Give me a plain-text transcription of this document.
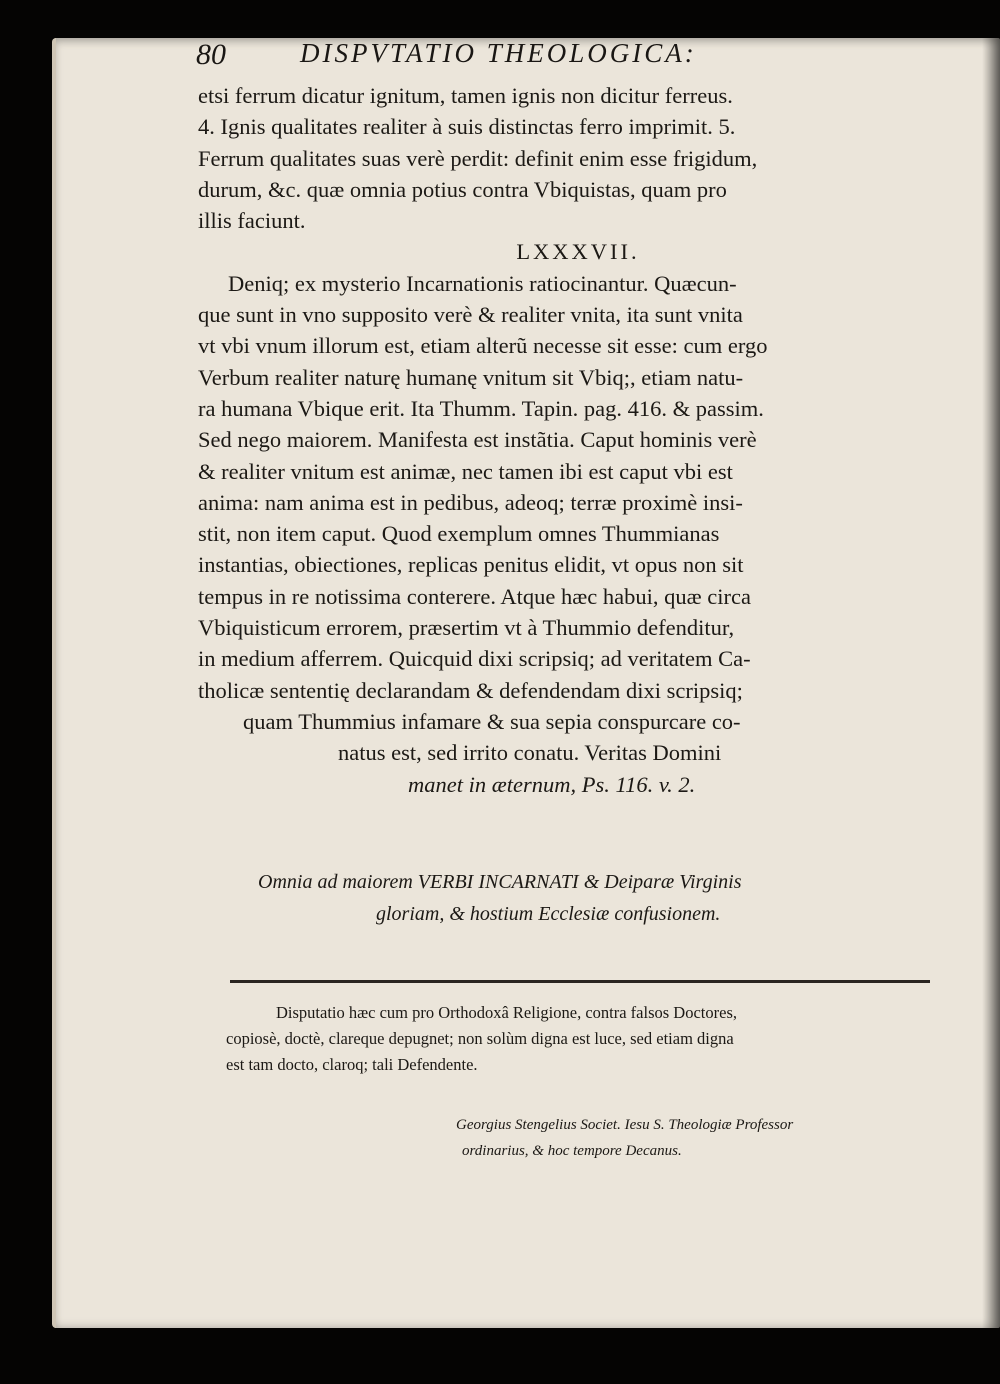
80	DISPVTATIO THEOLOGICA:
etsi ferrum dicatur ignitum, tamen ignis non dicitur ferreus.
4. Ignis qualitates realiter à suis distinctas ferro imprimit. 5.
Ferrum qualitates suas verè perdit: definit enim esse frigidum,
durum, &c. quæ omnia potius contra Vbiquistas, quam pro
illis faciunt.
LXXXVII.
Deniq; ex mysterio Incarnationis ratiocinantur. Quæcun-
que sunt in vno supposito verè & realiter vnita, ita sunt vnita
vt vbi vnum illorum est, etiam alterũ necesse sit esse: cum ergo
Verbum realiter naturę humanę vnitum sit Vbiq;, etiam natu-
ra humana Vbique erit. Ita Thumm. Tapin. pag. 416. & passim.
Sed nego maiorem. Manifesta est instãtia. Caput hominis verè
& realiter vnitum est animæ, nec tamen ibi est caput vbi est
anima: nam anima est in pedibus, adeoq; terræ proximè insi-
stit, non item caput. Quod exemplum omnes Thummianas
instantias, obiectiones, replicas penitus elidit, vt opus non sit
tempus in re notissima conterere. Atque hæc habui, quæ circa
Vbiquisticum errorem, præsertim vt à Thummio defenditur,
in medium afferrem. Quicquid dixi scripsiq; ad veritatem Ca-
tholicæ sententię declarandam & defendendam dixi scripsiq;
quam Thummius infamare & sua sepia conspurcare co-
natus est, sed irrito conatu. Veritas Domini
manet in æternum, Ps. 116. v. 2.
Omnia ad maiorem VERBI INCARNATI & Deiparæ Virginis
gloriam, & hostium Ecclesiæ confusionem.
Disputatio hæc cum pro Orthodoxâ Religione, contra falsos Doctores,
copiosè, doctè, clareque depugnet; non solùm digna est luce, sed etiam digna
est tam docto, claroq; tali Defendente.
Georgius Stengelius Societ. Iesu S. Theologiæ Professor
ordinarius, & hoc tempore Decanus.
